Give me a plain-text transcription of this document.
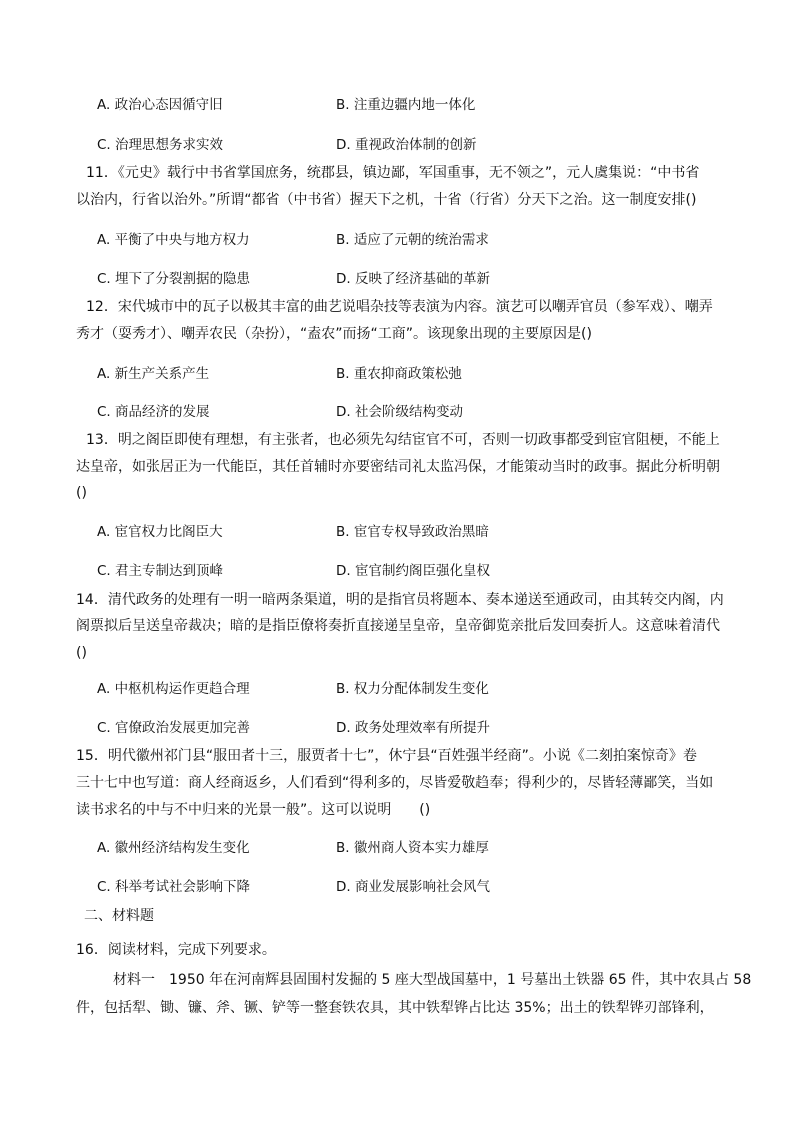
A. 政治心态因循守旧	B. 注重边疆内地一体化
C. 治理思想务求实效	D. 重视政治体制的创新
11．《元史》载行中书省掌国庶务，统郡县，镇边鄙，军国重事，无不领之”，元人虞集说：“中书省
以治内，行省以治外。”所谓“都省（中书省）握天下之机，十省（行省）分天下之治。这一制度安排()
A. 平衡了中央与地方权力	B. 适应了元朝的统治需求
C. 埋下了分裂割据的隐患	D. 反映了经济基础的革新
12．宋代城市中的瓦子以极其丰富的曲艺说唱杂技等表演为内容。演艺可以嘲弄官员（参军戏）、嘲弄
秀才（耍秀才）、嘲弄农民（杂扮），“盍农”而扬“工商”。该现象出现的主要原因是()
A. 新生产关系产生	B. 重农抑商政策松弛
C. 商品经济的发展	D. 社会阶级结构变动
13．明之阁臣即使有理想，有主张者，也必须先勾结宦官不可，否则一切政事都受到宦官阻梗，不能上
达皇帝，如张居正为一代能臣，其任首辅时亦要密结司礼太监冯保，才能策动当时的政事。据此分析明朝
()
A. 宦官权力比阁臣大	B. 宦官专权导致政治黑暗
C. 君主专制达到顶峰	D. 宦官制约阁臣强化皇权
14．清代政务的处理有一明一暗两条渠道，明的是指官员将题本、奏本递送至通政司，由其转交内阁，内
阁票拟后呈送皇帝裁决；暗的是指臣僚将奏折直接递呈皇帝，皇帝御览亲批后发回奏折人。这意味着清代
()
A. 中枢机构运作更趋合理	B. 权力分配体制发生变化
C. 官僚政治发展更加完善	D. 政务处理效率有所提升
15．明代徽州祁门县“服田者十三，服贾者十七”，休宁县“百姓强半经商”。小说《二刻拍案惊奇》卷
三十七中也写道：商人经商返乡，人们看到“得利多的，尽皆爱敬趋奉；得利少的，尽皆轻薄鄙笑，当如
读书求名的中与不中归来的光景一般”。这可以说明　　()
A. 徽州经济结构发生变化	B. 徽州商人资本实力雄厚
C. 科举考试社会影响下降	D. 商业发展影响社会风气
二、材料题
16．阅读材料，完成下列要求。
材料一　1950 年在河南辉县固围村发掘的 5 座大型战国墓中，1 号墓出土铁器 65 件，其中农具占 58
件，包括犁、锄、镰、斧、镢、铲等一整套铁农具，其中铁犁铧占比达 35%；出土的铁犁铧刃部锋利，
